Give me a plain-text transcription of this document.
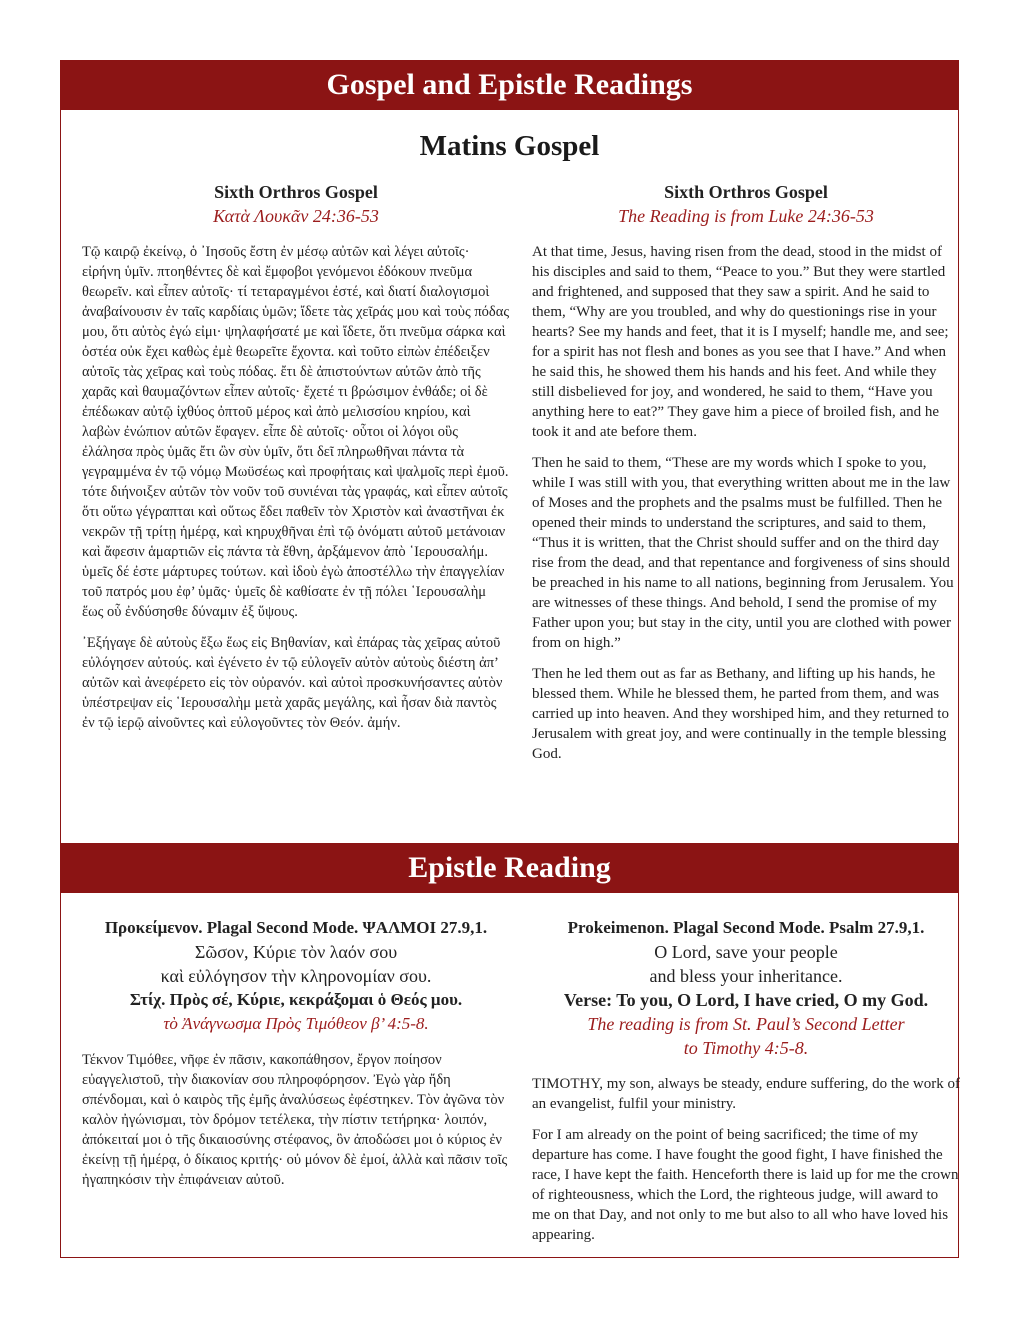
Gospel and Epistle Readings
Matins Gospel
Sixth Orthros Gospel
Κατὰ Λουκᾶν 24:36-53

Τῷ καιρῷ ἐκείνῳ, ὁ ᾿Ιησοῦς ἔστη ἐν μέσῳ αὐτῶν καὶ λέγει αὐτοῖς· εἰρήνη ὑμῖν. πτοηθέντες δὲ καὶ ἔμφοβοι γενόμενοι ἐδόκουν πνεῦμα θεωρεῖν. καὶ εἶπεν αὐτοῖς· τί τεταραγμένοι ἐστέ, καὶ διατί διαλογισμοὶ ἀναβαίνουσιν ἐν ταῖς καρδίαις ὑμῶν; ἴδετε τὰς χεῖράς μου καὶ τοὺς πόδας μου, ὅτι αὐτὸς ἐγώ εἰμι· ψηλαφήσατέ με καὶ ἴδετε, ὅτι πνεῦμα σάρκα καὶ ὀστέα οὐκ ἔχει καθὼς ἐμὲ θεωρεῖτε ἔχοντα. καὶ τοῦτο εἰπὼν ἐπέδειξεν αὐτοῖς τὰς χεῖρας καὶ τοὺς πόδας. ἔτι δὲ ἀπιστούντων αὐτῶν ἀπὸ τῆς χαρᾶς καὶ θαυμαζόντων εἶπεν αὐτοῖς· ἔχετέ τι βρώσιμον ἐνθάδε; οἱ δὲ ἐπέδωκαν αὐτῷ ἰχθύος ὀπτοῦ μέρος καὶ ἀπὸ μελισσίου κηρίου, καὶ λαβὼν ἐνώπιον αὐτῶν ἔφαγεν. εἶπε δὲ αὐτοῖς· οὗτοι οἱ λόγοι οὓς ἐλάλησα πρὸς ὑμᾶς ἔτι ὢν σὺν ὑμῖν, ὅτι δεῖ πληρωθῆναι πάντα τὰ γεγραμμένα ἐν τῷ νόμῳ Μωϋσέως καὶ προφήταις καὶ ψαλμοῖς περὶ ἐμοῦ. τότε διήνοιξεν αὐτῶν τὸν νοῦν τοῦ συνιέναι τὰς γραφάς, καὶ εἶπεν αὐτοῖς ὅτι οὕτω γέγραπται καὶ οὕτως ἔδει παθεῖν τὸν Χριστὸν καὶ ἀναστῆναι ἐκ νεκρῶν τῇ τρίτῃ ἡμέρᾳ, καὶ κηρυχθῆναι ἐπὶ τῷ ὀνόματι αὐτοῦ μετάνοιαν καὶ ἄφεσιν ἁμαρτιῶν εἰς πάντα τὰ ἔθνη, ἀρξάμενον ἀπὸ ῾Ιερουσαλήμ. ὑμεῖς δέ ἐστε μάρτυρες τούτων. καὶ ἰδοὺ ἐγὼ ἀποστέλλω τὴν ἐπαγγελίαν τοῦ πατρός μου ἐφ’ ὑμᾶς· ὑμεῖς δὲ καθίσατε ἐν τῇ πόλει ῾Ιερουσαλὴμ ἕως οὗ ἐνδύσησθε δύναμιν ἐξ ὕψους.

᾿Εξήγαγε δὲ αὐτοὺς ἔξω ἕως εἰς Βηθανίαν, καὶ ἐπάρας τὰς χεῖρας αὐτοῦ εὐλόγησεν αὐτούς. καὶ ἐγένετο ἐν τῷ εὐλογεῖν αὐτὸν αὐτοὺς διέστη ἀπ’ αὐτῶν καὶ ἀνεφέρετο εἰς τὸν οὐρανόν. καὶ αὐτοὶ προσκυνήσαντες αὐτὸν ὑπέστρεψαν εἰς ῾Ιερουσαλὴμ μετὰ χαρᾶς μεγάλης, καὶ ἦσαν διὰ παντὸς ἐν τῷ ἱερῷ αἰνοῦντες καὶ εὐλογοῦντες τὸν Θεόν. ἀμήν.

Sixth Orthros Gospel
The Reading is from Luke 24:36-53

At that time, Jesus, having risen from the dead, stood in the midst of his disciples and said to them, “Peace to you.” But they were startled and frightened, and supposed that they saw a spirit. And he said to them, “Why are you troubled, and why do questionings rise in your hearts? See my hands and feet, that it is I myself; handle me, and see; for a spirit has not flesh and bones as you see that I have.” And when he said this, he showed them his hands and his feet. And while they still disbelieved for joy, and wondered, he said to them, “Have you anything here to eat?” They gave him a piece of broiled fish, and he took it and ate before them.

Then he said to them, “These are my words which I spoke to you, while I was still with you, that everything written about me in the law of Moses and the prophets and the psalms must be fulfilled. Then he opened their minds to understand the scriptures, and said to them, “Thus it is written, that the Christ should suffer and on the third day rise from the dead, and that repentance and forgiveness of sins should be preached in his name to all nations, beginning from Jerusalem. You are witnesses of these things. And behold, I send the promise of my Father upon you; but stay in the city, until you are clothed with power from on high.”

Then he led them out as far as Bethany, and lifting up his hands, he blessed them. While he blessed them, he parted from them, and was carried up into heaven. And they worshiped him, and they returned to Jerusalem with great joy, and were continually in the temple blessing God.

Epistle Reading
Προκείμενον. Plagal Second Mode. ΨΑΛΜΟΙ 27.9,1.
Σῶσον, Κύριε τὸν λαόν σου
καὶ εὐλόγησον τὴν κληρονομίαν σου.
Στίχ. Πρὸς σέ, Κύριε, κεκράξομαι ὁ Θεός μου.
τὸ Ἀνάγνωσμα Πρὸς Τιμόθεον β’ 4:5-8.

Τέκνον Τιμόθεε, νῆφε ἐν πᾶσιν, κακοπάθησον, ἔργον ποίησον εὐαγγελιστοῦ, τὴν διακονίαν σου πληροφόρησον. Ἐγὼ γὰρ ἤδη σπένδομαι, καὶ ὁ καιρὸς τῆς ἐμῆς ἀναλύσεως ἐφέστηκεν. Τὸν ἀγῶνα τὸν καλὸν ἠγώνισμαι, τὸν δρόμον τετέλεκα, τὴν πίστιν τετήρηκα· λοιπόν, ἀπόκειταί μοι ὁ τῆς δικαιοσύνης στέφανος, ὃν ἀποδώσει μοι ὁ κύριος ἐν ἐκείνῃ τῇ ἡμέρᾳ, ὁ δίκαιος κριτής· οὐ μόνον δὲ ἐμοί, ἀλλὰ καὶ πᾶσιν τοῖς ἠγαπηκόσιν τὴν ἐπιφάνειαν αὐτοῦ.

Prokeimenon. Plagal Second Mode. Psalm 27.9,1.
O Lord, save your people
and bless your inheritance.
Verse: To you, O Lord, I have cried, O my God.
The reading is from St. Paul’s Second Letter
to Timothy 4:5-8.

TIMOTHY, my son, always be steady, endure suffering, do the work of an evangelist, fulfil your ministry.

For I am already on the point of being sacrificed; the time of my departure has come. I have fought the good fight, I have finished the race, I have kept the faith. Henceforth there is laid up for me the crown of righteousness, which the Lord, the righteous judge, will award to me on that Day, and not only to me but also to all who have loved his appearing.
